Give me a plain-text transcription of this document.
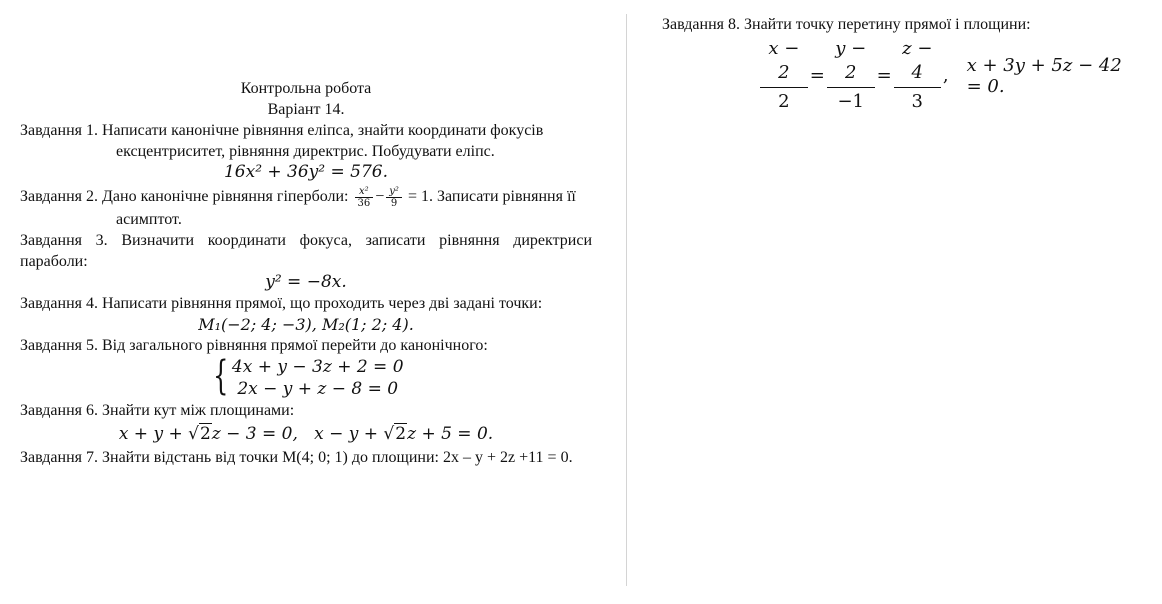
Контрольна робота
Варіант 14.
Завдання 1. Написати канонічне рівняння еліпса, знайти координати фокусів
ексцентриситет, рівняння директрис. Побудувати еліпс.
16x² + 36y² = 576.
Завдання 2. Дано канонічне рівняння гіперболи: $\frac{\text{x²}}{36} - \frac{\text{y²}}{9} = 1$. Записати рівняння її
асимптот.
Завдання 3. Визначити координати фокуса, записати рівняння директриси параболи:
y² = −8x.
Завдання 4. Написати рівняння прямої, що проходить через дві задані точки:
M₁(−2; 4; −3), M₂(1; 2; 4).
Завдання 5. Від загального рівняння прямої перейти до канонічного:
{ 4x + y − 3z + 2 = 0
2x − y + z − 8 = 0
Завдання 6. Знайти кут між площинами:
x + y + √2z − 3 = 0, x − y + √2z + 5 = 0.
Завдання 7. Знайти відстань від точки M(4; 0; 1) до площини: 2x – y + 2z +11 = 0.
Завдання 8. Знайти точку перетину прямої і площини:
$\frac{x - 2}{2} = \frac{y - 2}{-1} = \frac{z - 4}{3}$ , x + 3y + 5z − 42 = 0.
